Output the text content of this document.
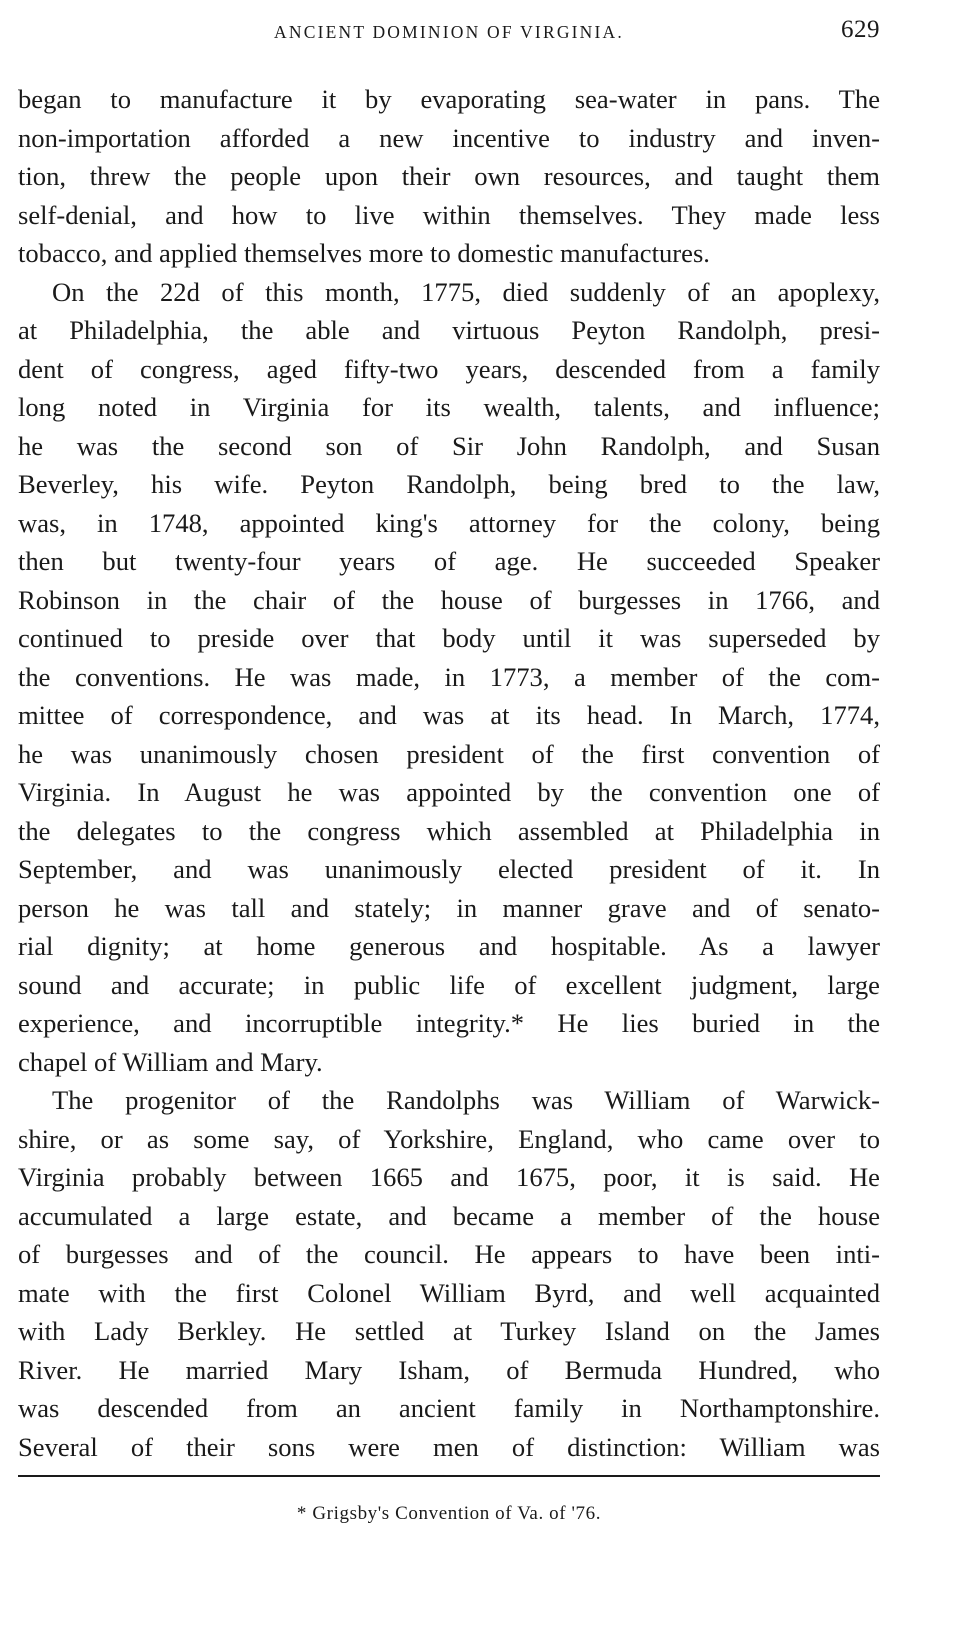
ANCIENT DOMINION OF VIRGINIA.	629
began to manufacture it by evaporating sea-water in pans. The
non-importation afforded a new incentive to industry and inven-
tion, threw the people upon their own resources, and taught them
self-denial, and how to live within themselves. They made less
tobacco, and applied themselves more to domestic manufactures.
On the 22d of this month, 1775, died suddenly of an apoplexy,
at Philadelphia, the able and virtuous Peyton Randolph, presi-
dent of congress, aged fifty-two years, descended from a family
long noted in Virginia for its wealth, talents, and influence;
he was the second son of Sir John Randolph, and Susan
Beverley, his wife. Peyton Randolph, being bred to the law,
was, in 1748, appointed king's attorney for the colony, being
then but twenty-four years of age. He succeeded Speaker
Robinson in the chair of the house of burgesses in 1766, and
continued to preside over that body until it was superseded by
the conventions. He was made, in 1773, a member of the com-
mittee of correspondence, and was at its head. In March, 1774,
he was unanimously chosen president of the first convention of
Virginia. In August he was appointed by the convention one of
the delegates to the congress which assembled at Philadelphia in
September, and was unanimously elected president of it. In
person he was tall and stately; in manner grave and of senato-
rial dignity; at home generous and hospitable. As a lawyer
sound and accurate; in public life of excellent judgment, large
experience, and incorruptible integrity.* He lies buried in the
chapel of William and Mary.
The progenitor of the Randolphs was William of Warwick-
shire, or as some say, of Yorkshire, England, who came over to
Virginia probably between 1665 and 1675, poor, it is said. He
accumulated a large estate, and became a member of the house
of burgesses and of the council. He appears to have been inti-
mate with the first Colonel William Byrd, and well acquainted
with Lady Berkley. He settled at Turkey Island on the James
River. He married Mary Isham, of Bermuda Hundred, who
was descended from an ancient family in Northamptonshire.
Several of their sons were men of distinction: William was
* Grigsby's Convention of Va. of '76.
